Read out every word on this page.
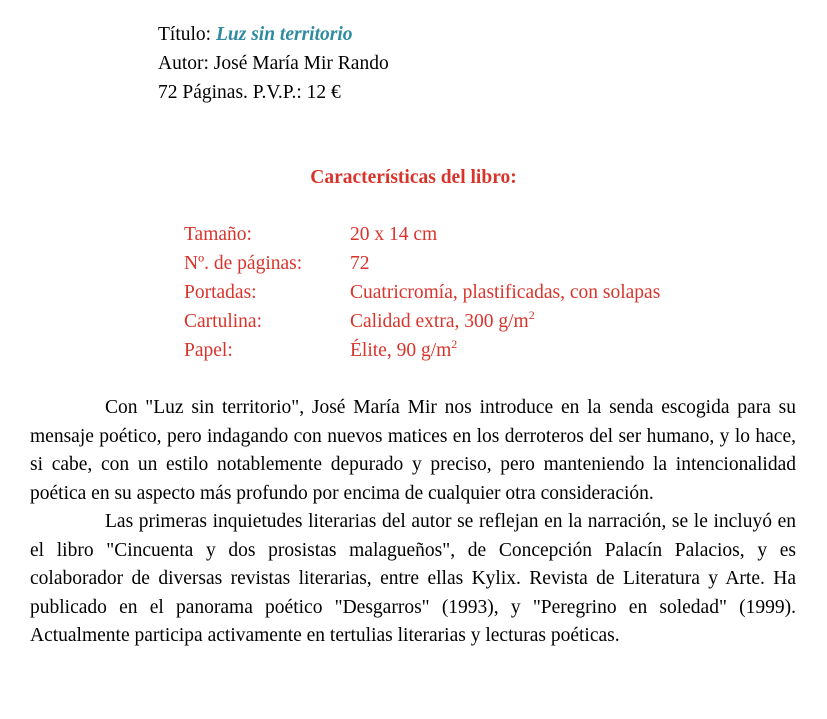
Título: Luz sin territorio
Autor: José María Mir Rando
72 Páginas. P.V.P.: 12 €
Características del libro:
Tamaño:	20 x 14 cm
Nº. de páginas:	72
Portadas:	Cuatricromía, plastificadas, con solapas
Cartulina:	Calidad extra, 300 $g/m^2$
Papel:	Élite, 90 $g/m^2$

Con "Luz sin territorio", José María Mir nos introduce en la senda escogida para su mensaje poético, pero indagando con nuevos matices en los derroteros del ser humano, y lo hace, si cabe, con un estilo notablemente depurado y preciso, pero manteniendo la intencionalidad poética en su aspecto más profundo por encima de cualquier otra consideración.

Las primeras inquietudes literarias del autor se reflejan en la narración, se le incluyó en el libro "Cincuenta y dos prosistas malagueños", de Concepción Palacín Palacios, y es colaborador de diversas revistas literarias, entre ellas Kylix. Revista de Literatura y Arte. Ha publicado en el panorama poético "Desgarros" (1993), y "Peregrino en soledad" (1999). Actualmente participa activamente en tertulias literarias y lecturas poéticas.
